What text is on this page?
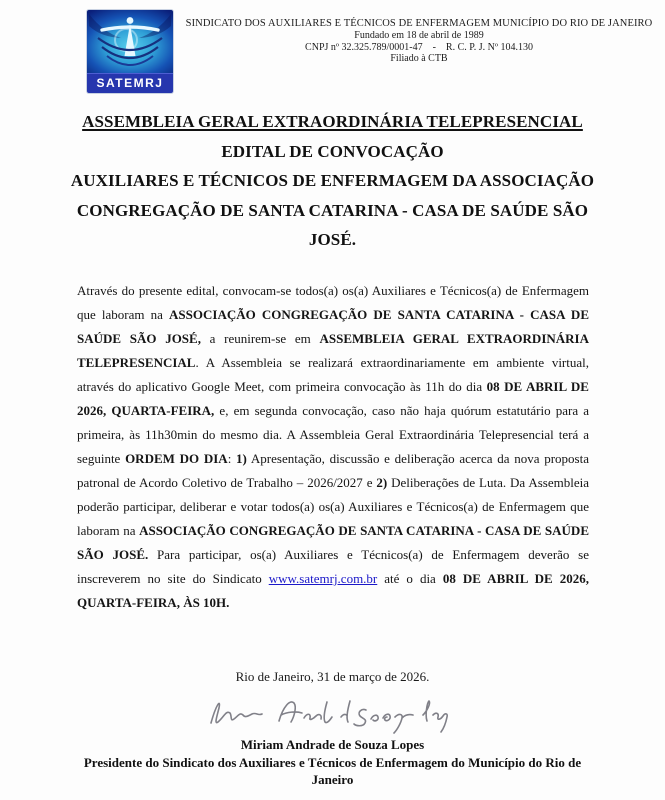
SATEMRJ
SINDICATO DOS AUXILIARES E TÉCNICOS DE ENFERMAGEM MUNICÍPIO DO RIO DE JANEIRO
Fundado em 18 de abril de 1989
CNPJ nº 32.325.789/0001-47    -    R. C. P. J. Nº 104.130
Filiado à CTB
ASSEMBLEIA GERAL EXTRAORDINÁRIA TELEPRESENCIAL
EDITAL DE CONVOCAÇÃO
AUXILIARES E TÉCNICOS DE ENFERMAGEM DA ASSOCIAÇÃO CONGREGAÇÃO DE SANTA CATARINA - CASA DE SAÚDE SÃO JOSÉ.

Através do presente edital, convocam-se todos(a) os(a) Auxiliares e Técnicos(a) de Enfermagem que laboram na ASSOCIAÇÃO CONGREGAÇÃO DE SANTA CATARINA - CASA DE SAÚDE SÃO JOSÉ, a reunirem-se em ASSEMBLEIA GERAL EXTRAORDINÁRIA TELEPRESENCIAL. A Assembleia se realizará extraordinariamente em ambiente virtual, através do aplicativo Google Meet, com primeira convocação às 11h do dia 08 DE ABRIL DE 2026, QUARTA-FEIRA, e, em segunda convocação, caso não haja quórum estatutário para a primeira, às 11h30min do mesmo dia. A Assembleia Geral Extraordinária Telepresencial terá a seguinte ORDEM DO DIA: 1) Apresentação, discussão e deliberação acerca da nova proposta patronal de Acordo Coletivo de Trabalho – 2026/2027 e 2) Deliberações de Luta. Da Assembleia poderão participar, deliberar e votar todos(a) os(a) Auxiliares e Técnicos(a) de Enfermagem que laboram na ASSOCIAÇÃO CONGREGAÇÃO DE SANTA CATARINA - CASA DE SAÚDE SÃO JOSÉ. Para participar, os(a) Auxiliares e Técnicos(a) de Enfermagem deverão se inscreverem no site do Sindicato www.satemrj.com.br até o dia 08 DE ABRIL DE 2026, QUARTA-FEIRA, ÀS 10H.

Rio de Janeiro, 31 de março de 2026.
Miriam Andrade de Souza Lopes
Presidente do Sindicato dos Auxiliares e Técnicos de Enfermagem do Município do Rio de Janeiro
